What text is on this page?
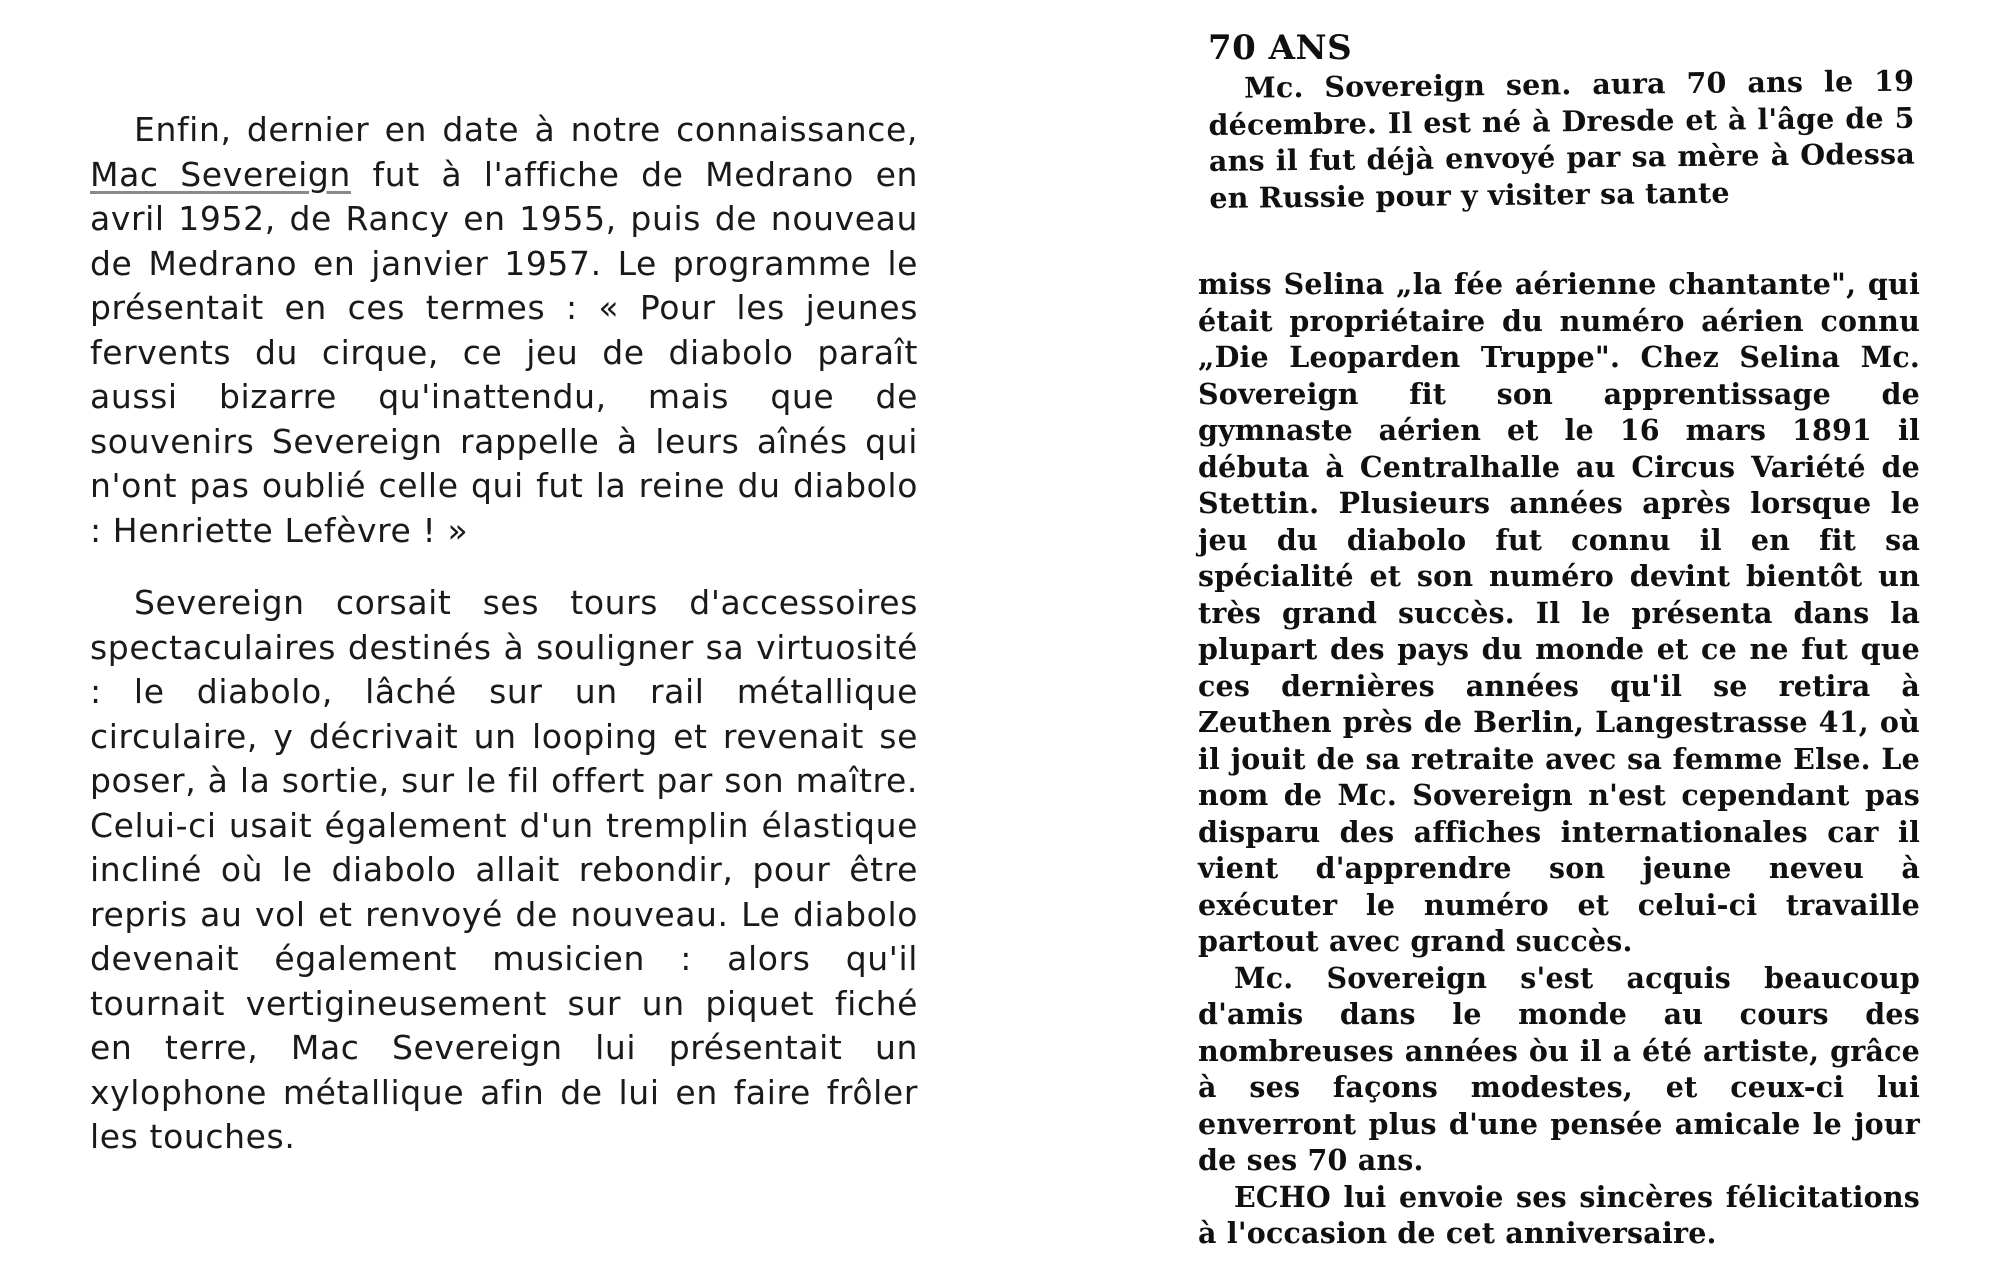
Enfin, dernier en date à notre connaissance, Mac Severeign fut à l'affiche de Medrano en avril 1952, de Rancy en 1955, puis de nouveau de Medrano en janvier 1957. Le programme le présentait en ces termes : « Pour les jeunes fervents du cirque, ce jeu de diabolo paraît aussi bizarre qu'inattendu, mais que de souvenirs Severeign rappelle à leurs aînés qui n'ont pas oublié celle qui fut la reine du diabolo : Henriette Lefèvre ! »

Severeign corsait ses tours d'accessoires spectaculaires destinés à souligner sa virtuosité : le diabolo, lâché sur un rail métallique circulaire, y décrivait un looping et revenait se poser, à la sortie, sur le fil offert par son maître. Celui-ci usait également d'un tremplin élastique incliné où le diabolo allait rebondir, pour être repris au vol et renvoyé de nouveau. Le diabolo devenait également musicien : alors qu'il tournait vertigineusement sur un piquet fiché en terre, Mac Severeign lui présentait un xylophone métallique afin de lui en faire frôler les touches.

70 ANS

Mc. Sovereign sen. aura 70 ans le 19 décembre. Il est né à Dresde et à l'âge de 5 ans il fut déjà envoyé par sa mère à Odessa en Russie pour y visiter sa tante

miss Selina „la fée aérienne chantante", qui était propriétaire du numéro aérien connu „Die Leoparden Truppe". Chez Selina Mc. Sovereign fit son apprentissage de gymnaste aérien et le 16 mars 1891 il débuta à Centralhalle au Circus Variété de Stettin. Plusieurs années après lorsque le jeu du diabolo fut connu il en fit sa spécialité et son numéro devint bientôt un très grand succès. Il le présenta dans la plupart des pays du monde et ce ne fut que ces dernières années qu'il se retira à Zeuthen près de Berlin, Langestrasse 41, où il jouit de sa retraite avec sa femme Else. Le nom de Mc. Sovereign n'est cependant pas disparu des affiches internationales car il vient d'apprendre son jeune neveu à exécuter le numéro et celui-ci travaille partout avec grand succès.

Mc. Sovereign s'est acquis beaucoup d'amis dans le monde au cours des nombreuses années òu il a été artiste, grâce à ses façons modestes, et ceux-ci lui enverront plus d'une pensée amicale le jour de ses 70 ans.

ECHO lui envoie ses sincères félicitations à l'occasion de cet anniversaire.
